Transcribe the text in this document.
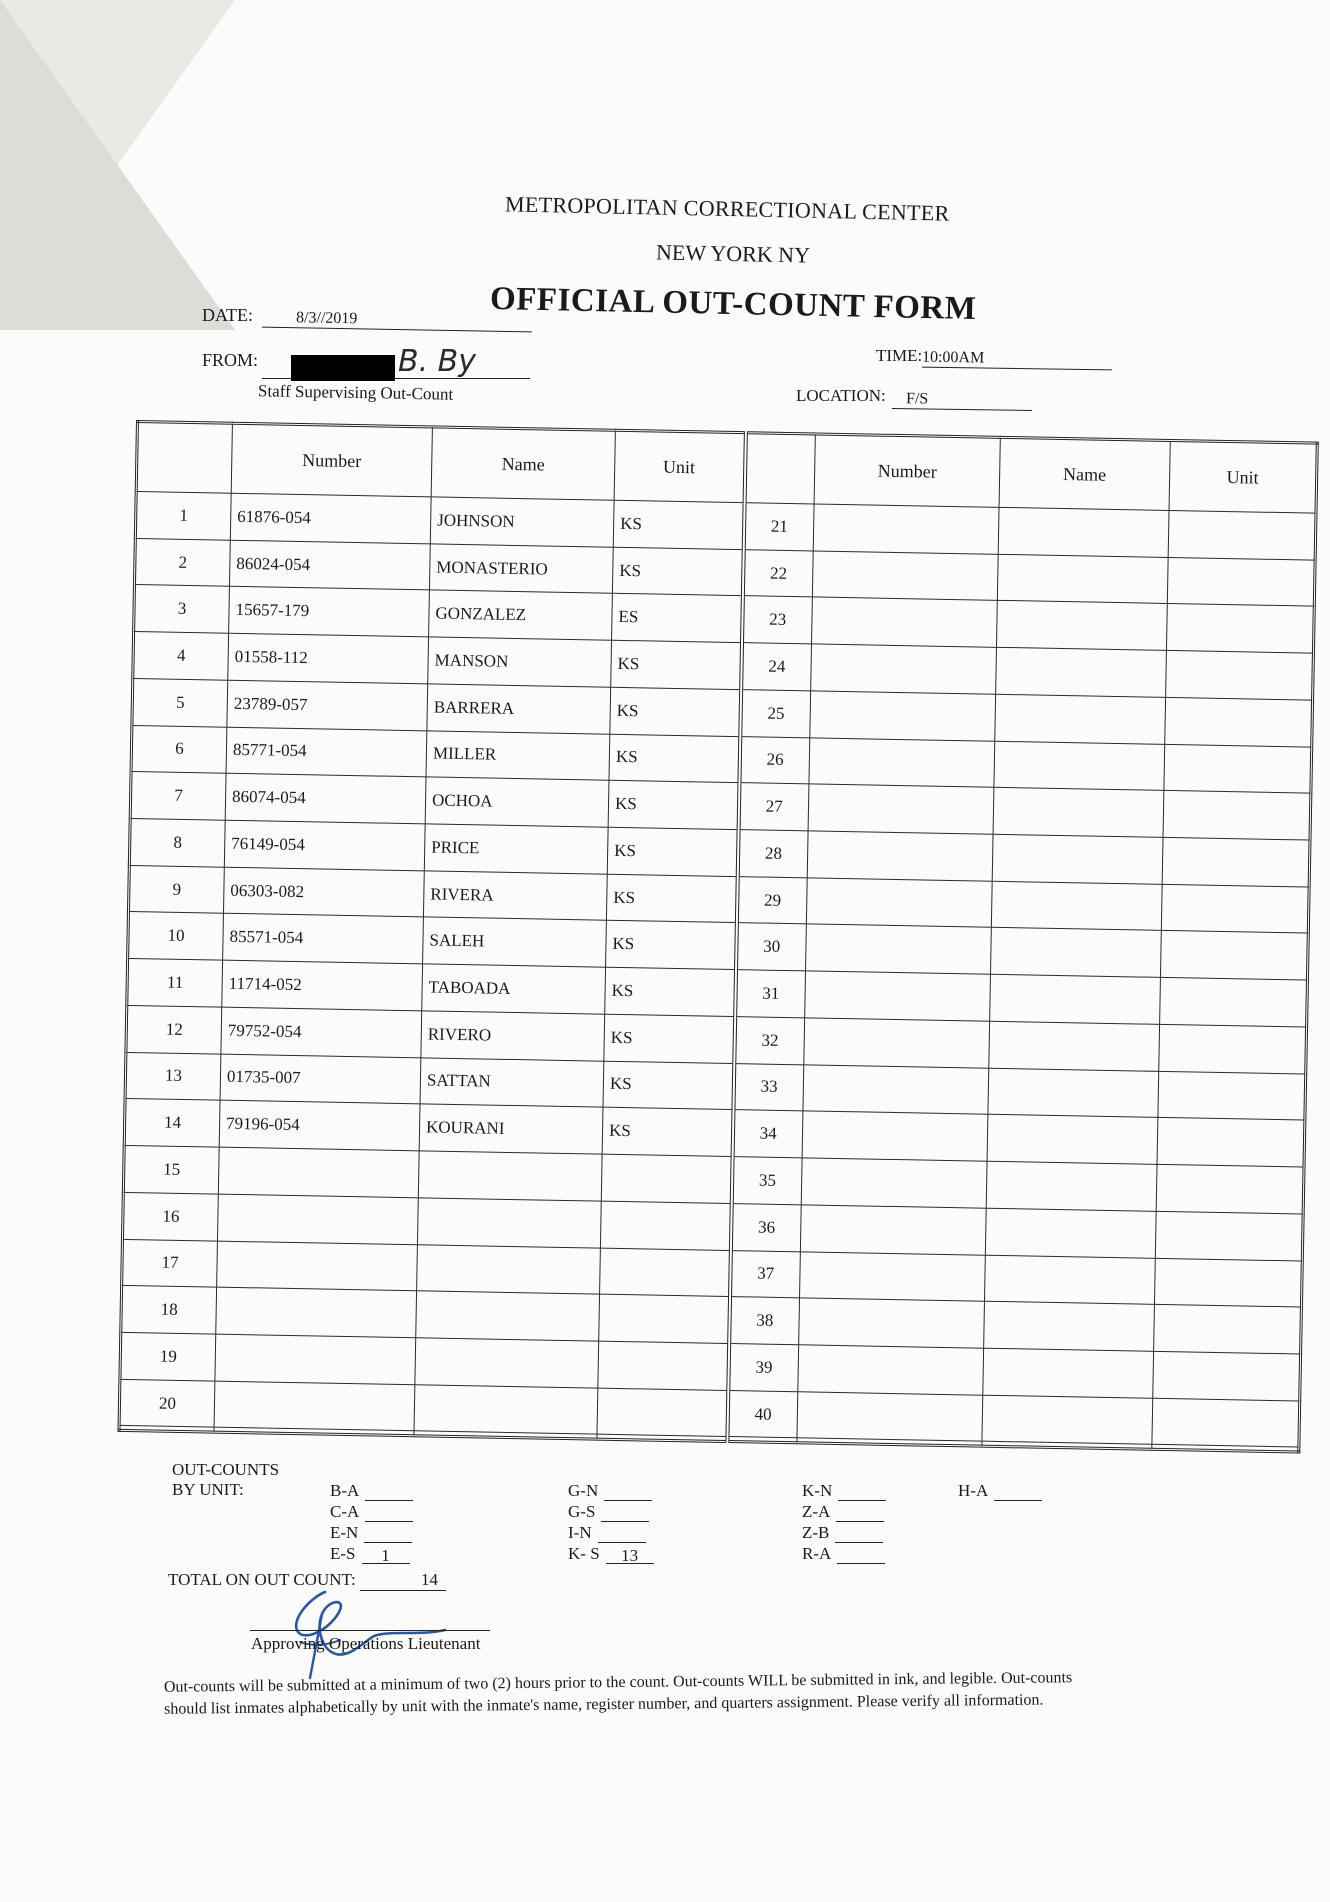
METROPOLITAN CORRECTIONAL CENTER
NEW YORK NY
OFFICIAL OUT-COUNT FORM
DATE:	8/3//2019
FROM:	B. By
Staff Supervising Out-Count
TIME: 10:00AM
LOCATION:	F/S
	Number	Name	Unit		Number	Name	Unit
1	61876-054	JOHNSON	KS	21			
2	86024-054	MONASTERIO	KS	22			
3	15657-179	GONZALEZ	ES	23			
4	01558-112	MANSON	KS	24			
5	23789-057	BARRERA	KS	25			
6	85771-054	MILLER	KS	26			
7	86074-054	OCHOA	KS	27			
8	76149-054	PRICE	KS	28			
9	06303-082	RIVERA	KS	29			
10	85571-054	SALEH	KS	30			
11	11714-052	TABOADA	KS	31			
12	79752-054	RIVERO	KS	32			
13	01735-007	SATTAN	KS	33			
14	79196-054	KOURANI	KS	34			
15				35			
16				36			
17				37			
18				38			
19				39			
20				40			

OUT-COUNTS
BY UNIT:	B-A
C-A
E-N
E-S 1
G-N
G-S
I-N
K- S 13
K-N
Z-A
Z-B
R-A
H-A
TOTAL ON OUT COUNT:	14
Approving Operations Lieutenant
Out-counts will be submitted at a minimum of two (2) hours prior to the count. Out-counts WILL be submitted in ink, and legible. Out-counts
should list inmates alphabetically by unit with the inmate's name, register number, and quarters assignment. Please verify all information.
